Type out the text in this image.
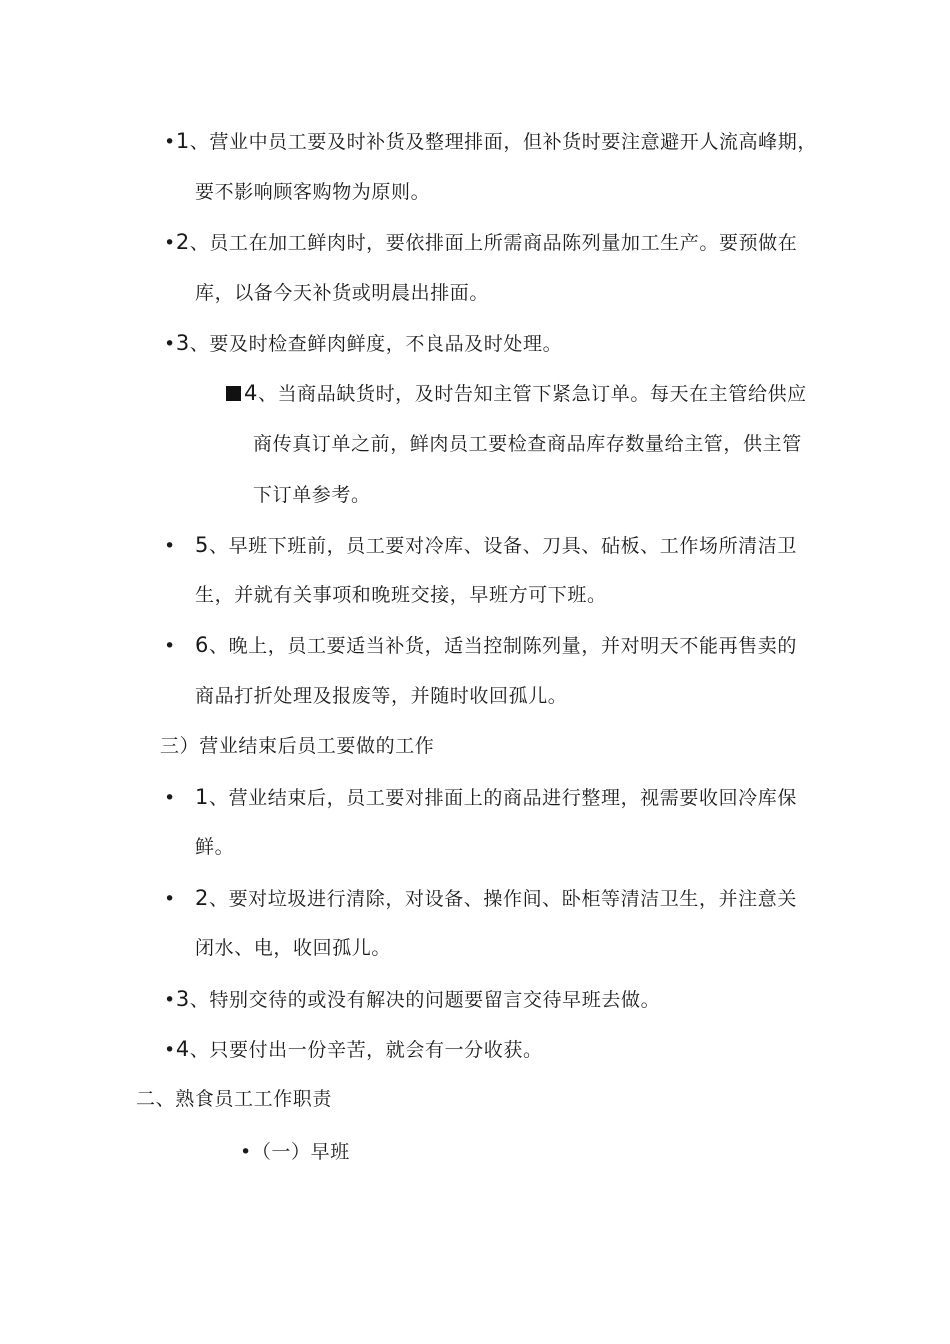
•1、营业中员工要及时补货及整理排面，但补货时要注意避开人流高峰期，
要不影响顾客购物为原则。
•2、员工在加工鲜肉时，要依排面上所需商品陈列量加工生产。要预做在
库，以备今天补货或明晨出排面。
•3、要及时检查鲜肉鲜度，不良品及时处理。
4、当商品缺货时，及时告知主管下紧急订单。每天在主管给供应
商传真订单之前，鲜肉员工要检查商品库存数量给主管，供主管
下订单参考。
• 5、早班下班前，员工要对冷库、设备、刀具、砧板、工作场所清洁卫
生，并就有关事项和晚班交接，早班方可下班。
• 6、晚上，员工要适当补货，适当控制陈列量，并对明天不能再售卖的
商品打折处理及报废等，并随时收回孤儿。
三）营业结束后员工要做的工作
• 1、营业结束后，员工要对排面上的商品进行整理，视需要收回冷库保
鲜。
• 2、要对垃圾进行清除，对设备、操作间、卧柜等清洁卫生，并注意关
闭水、电，收回孤儿。
•3、特别交待的或没有解决的问题要留言交待早班去做。
•4、只要付出一份辛苦，就会有一分收获。
二、熟食员工工作职责
•（一）早班
